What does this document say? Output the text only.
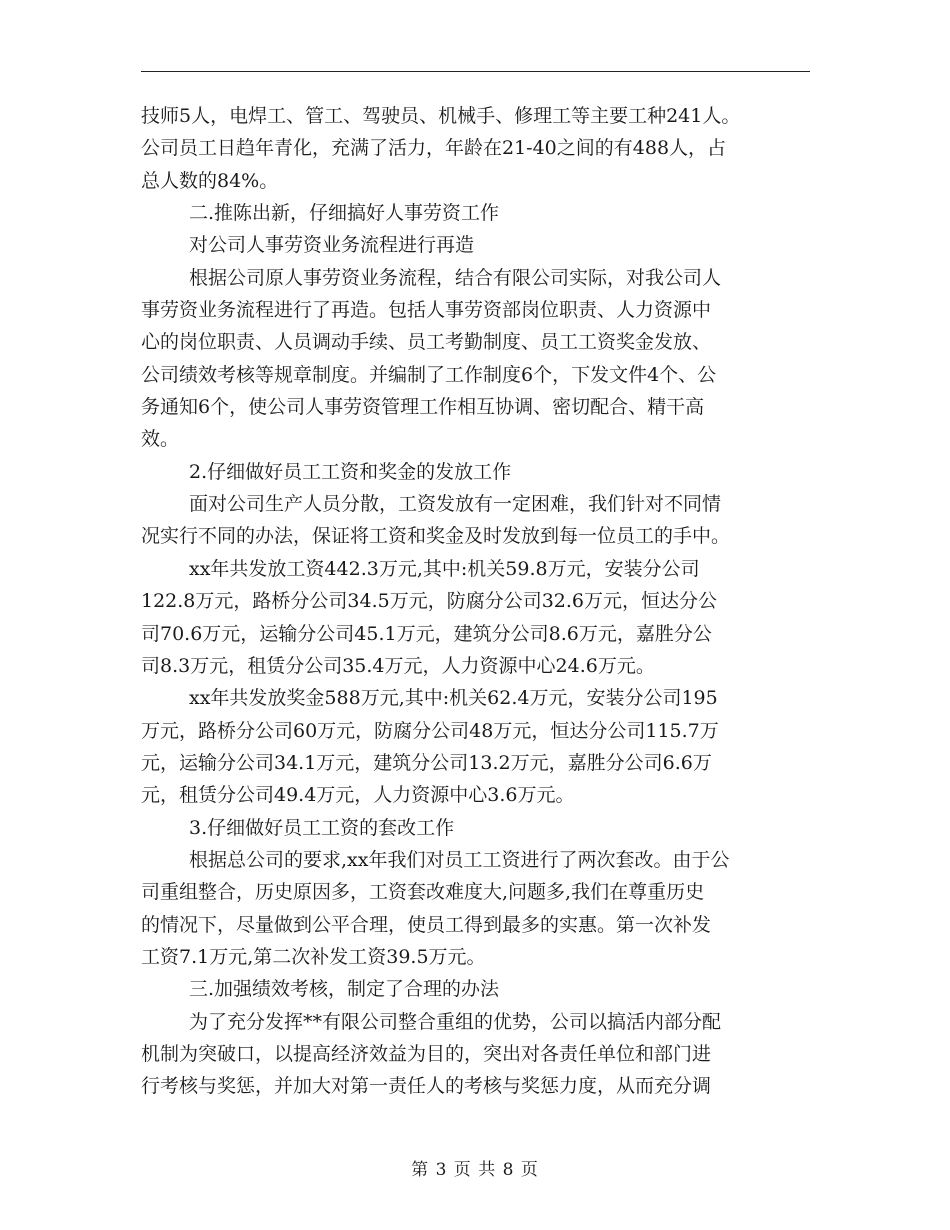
技师5人，电焊工、管工、驾驶员、机械手、修理工等主要工种241人。
公司员工日趋年青化，充满了活力，年龄在21-40之间的有488人，占
总人数的84%。
二.推陈出新，仔细搞好人事劳资工作
对公司人事劳资业务流程进行再造
根据公司原人事劳资业务流程，结合有限公司实际，对我公司人
事劳资业务流程进行了再造。包括人事劳资部岗位职责、人力资源中
心的岗位职责、人员调动手续、员工考勤制度、员工工资奖金发放、
公司绩效考核等规章制度。并编制了工作制度6个，下发文件4个、公
务通知6个，使公司人事劳资管理工作相互协调、密切配合、精干高
效。
2.仔细做好员工工资和奖金的发放工作
面对公司生产人员分散，工资发放有一定困难，我们针对不同情
况实行不同的办法，保证将工资和奖金及时发放到每一位员工的手中。
xx年共发放工资442.3万元,其中:机关59.8万元，安装分公司
122.8万元，路桥分公司34.5万元，防腐分公司32.6万元，恒达分公
司70.6万元，运输分公司45.1万元，建筑分公司8.6万元，嘉胜分公
司8.3万元，租赁分公司35.4万元，人力资源中心24.6万元。
xx年共发放奖金588万元,其中:机关62.4万元，安装分公司195
万元，路桥分公司60万元，防腐分公司48万元，恒达分公司115.7万
元，运输分公司34.1万元，建筑分公司13.2万元，嘉胜分公司6.6万
元，租赁分公司49.4万元，人力资源中心3.6万元。
3.仔细做好员工工资的套改工作
根据总公司的要求,xx年我们对员工工资进行了两次套改。由于公
司重组整合，历史原因多，工资套改难度大,问题多,我们在尊重历史
的情况下，尽量做到公平合理，使员工得到最多的实惠。第一次补发
工资7.1万元,第二次补发工资39.5万元。
三.加强绩效考核，制定了合理的办法
为了充分发挥**有限公司整合重组的优势，公司以搞活内部分配
机制为突破口，以提高经济效益为目的，突出对各责任单位和部门进
行考核与奖惩，并加大对第一责任人的考核与奖惩力度，从而充分调
第 3 页 共 8 页
